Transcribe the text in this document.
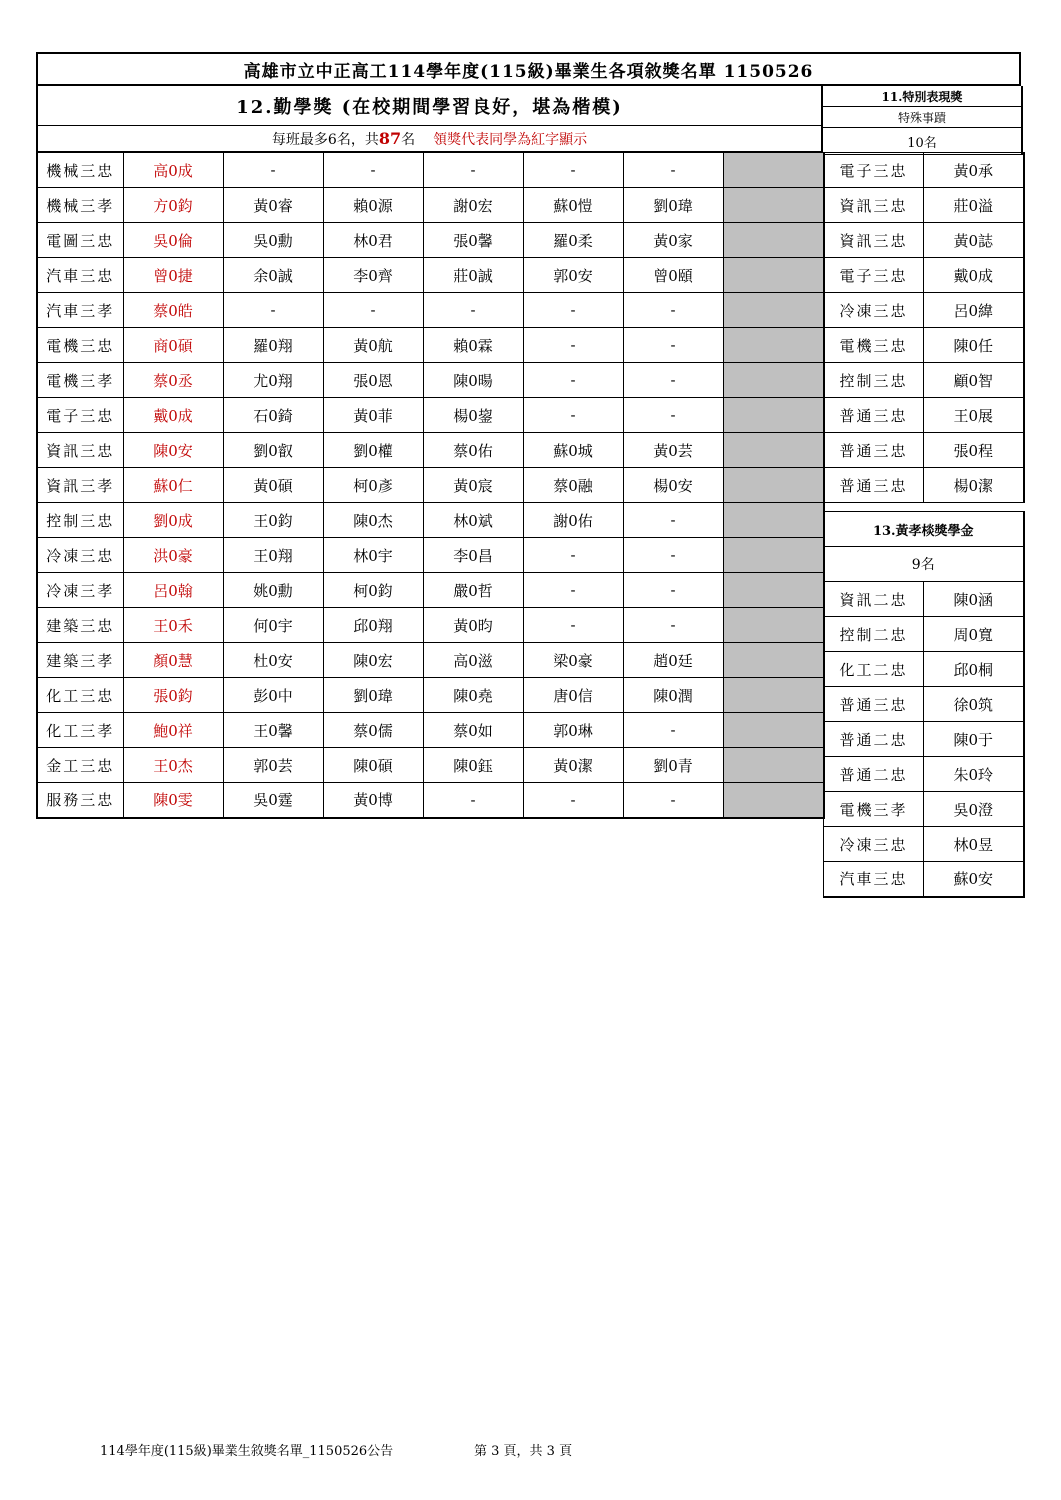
高雄市立中正高工114學年度(115級)畢業生各項敘獎名單 1150526
12.勤學獎 (在校期間學習良好，堪為楷模)
每班最多6名，共 87 名 領獎代表同學為紅字顯示
11.特別表現獎
特殊事蹟
10名
機械三忠	高0成	-	-	-	-	-	
機械三孝	方0鈞	黃0睿	賴0源	謝0宏	蘇0愷	劉0瑋	
電圖三忠	吳0倫	吳0勳	林0君	張0馨	羅0柔	黃0家	
汽車三忠	曾0捷	余0誠	李0齊	莊0誠	郭0安	曾0頤	
汽車三孝	蔡0皓	-	-	-	-	-	
電機三忠	商0碩	羅0翔	黃0航	賴0霖	-	-	
電機三孝	蔡0丞	尤0翔	張0恩	陳0暘	-	-	
電子三忠	戴0成	石0錡	黃0菲	楊0鋆	-	-	
資訊三忠	陳0安	劉0叡	劉0權	蔡0佑	蘇0城	黃0芸	
資訊三孝	蘇0仁	黃0碩	柯0彥	黃0宸	蔡0融	楊0安	
控制三忠	劉0成	王0鈞	陳0杰	林0斌	謝0佑	-	
冷凍三忠	洪0豪	王0翔	林0宇	李0昌	-	-	
冷凍三孝	呂0翰	姚0勳	柯0鈞	嚴0哲	-	-	
建築三忠	王0禾	何0宇	邱0翔	黃0昀	-	-	
建築三孝	顏0慧	杜0安	陳0宏	高0滋	梁0豪	趙0廷	
化工三忠	張0鈞	彭0中	劉0瑋	陳0堯	唐0信	陳0潤	
化工三孝	鮑0祥	王0馨	蔡0儒	蔡0如	郭0琳	-	
金工三忠	王0杰	郭0芸	陳0碩	陳0鈺	黃0潔	劉0青	
服務三忠	陳0雯	吳0霆	黃0博	-	-	-	
電子三忠	黃0承
資訊三忠	莊0溢
資訊三忠	黃0誌
電子三忠	戴0成
冷凍三忠	呂0緯
電機三忠	陳0任
控制三忠	顧0智
普通三忠	王0展
普通三忠	張0程
普通三忠	楊0潔
13.黃孝棪獎學金	
9名	
資訊二忠	陳0涵
控制二忠	周0寬
化工二忠	邱0桐
普通三忠	徐0筑
普通二忠	陳0于
普通二忠	朱0玲
電機三孝	吳0澄
冷凍三忠	林0昱
汽車三忠	蘇0安
114學年度(115級)畢業生敘獎名單_1150526公告	第 3 頁，共 3 頁
